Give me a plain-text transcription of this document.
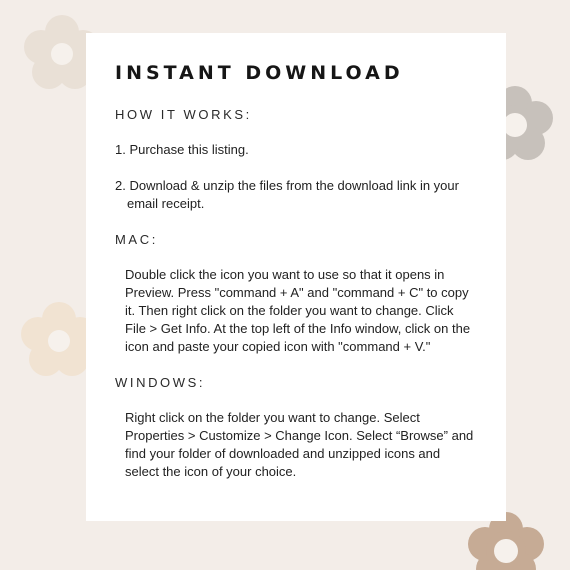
INSTANT DOWNLOAD
HOW IT WORKS:
1. Purchase this listing.
2. Download & unzip the files from the download link in your
email receipt.
MAC:
Double click the icon you want to use so that it opens in Preview. Press "command + A" and "command + C" to copy it. Then right click on the folder you want to change. Click File > Get Info. At the top left of the Info window, click on the icon and paste your copied icon with "command + V."
WINDOWS:
Right click on the folder you want to change. Select Properties > Customize > Change Icon. Select “Browse” and find your folder of downloaded and unzipped icons and select the icon of your choice.
